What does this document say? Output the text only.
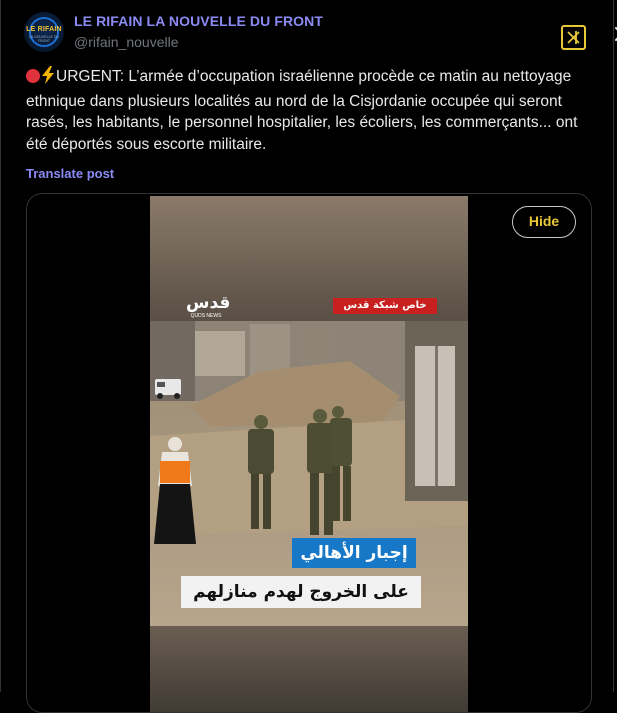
LE RIFAIN
LA NOUVELLE DU FRONT
LE RIFAIN LA NOUVELLE DU FRONT
@rifain_nouvelle
URGENT: L’armée d’occupation israélienne procède ce matin au nettoyage ethnique dans plusieurs localités au nord de la Cisjordanie occupée qui seront rasés, les habitants, le personnel hospitalier, les écoliers, les commerçants... ont été déportés sous escorte militaire.
Translate post
قدس
QUDS NEWS
خاص شبكة قدس
إجبار الأهالي
على الخروج لهدم منازلهم
Hide
